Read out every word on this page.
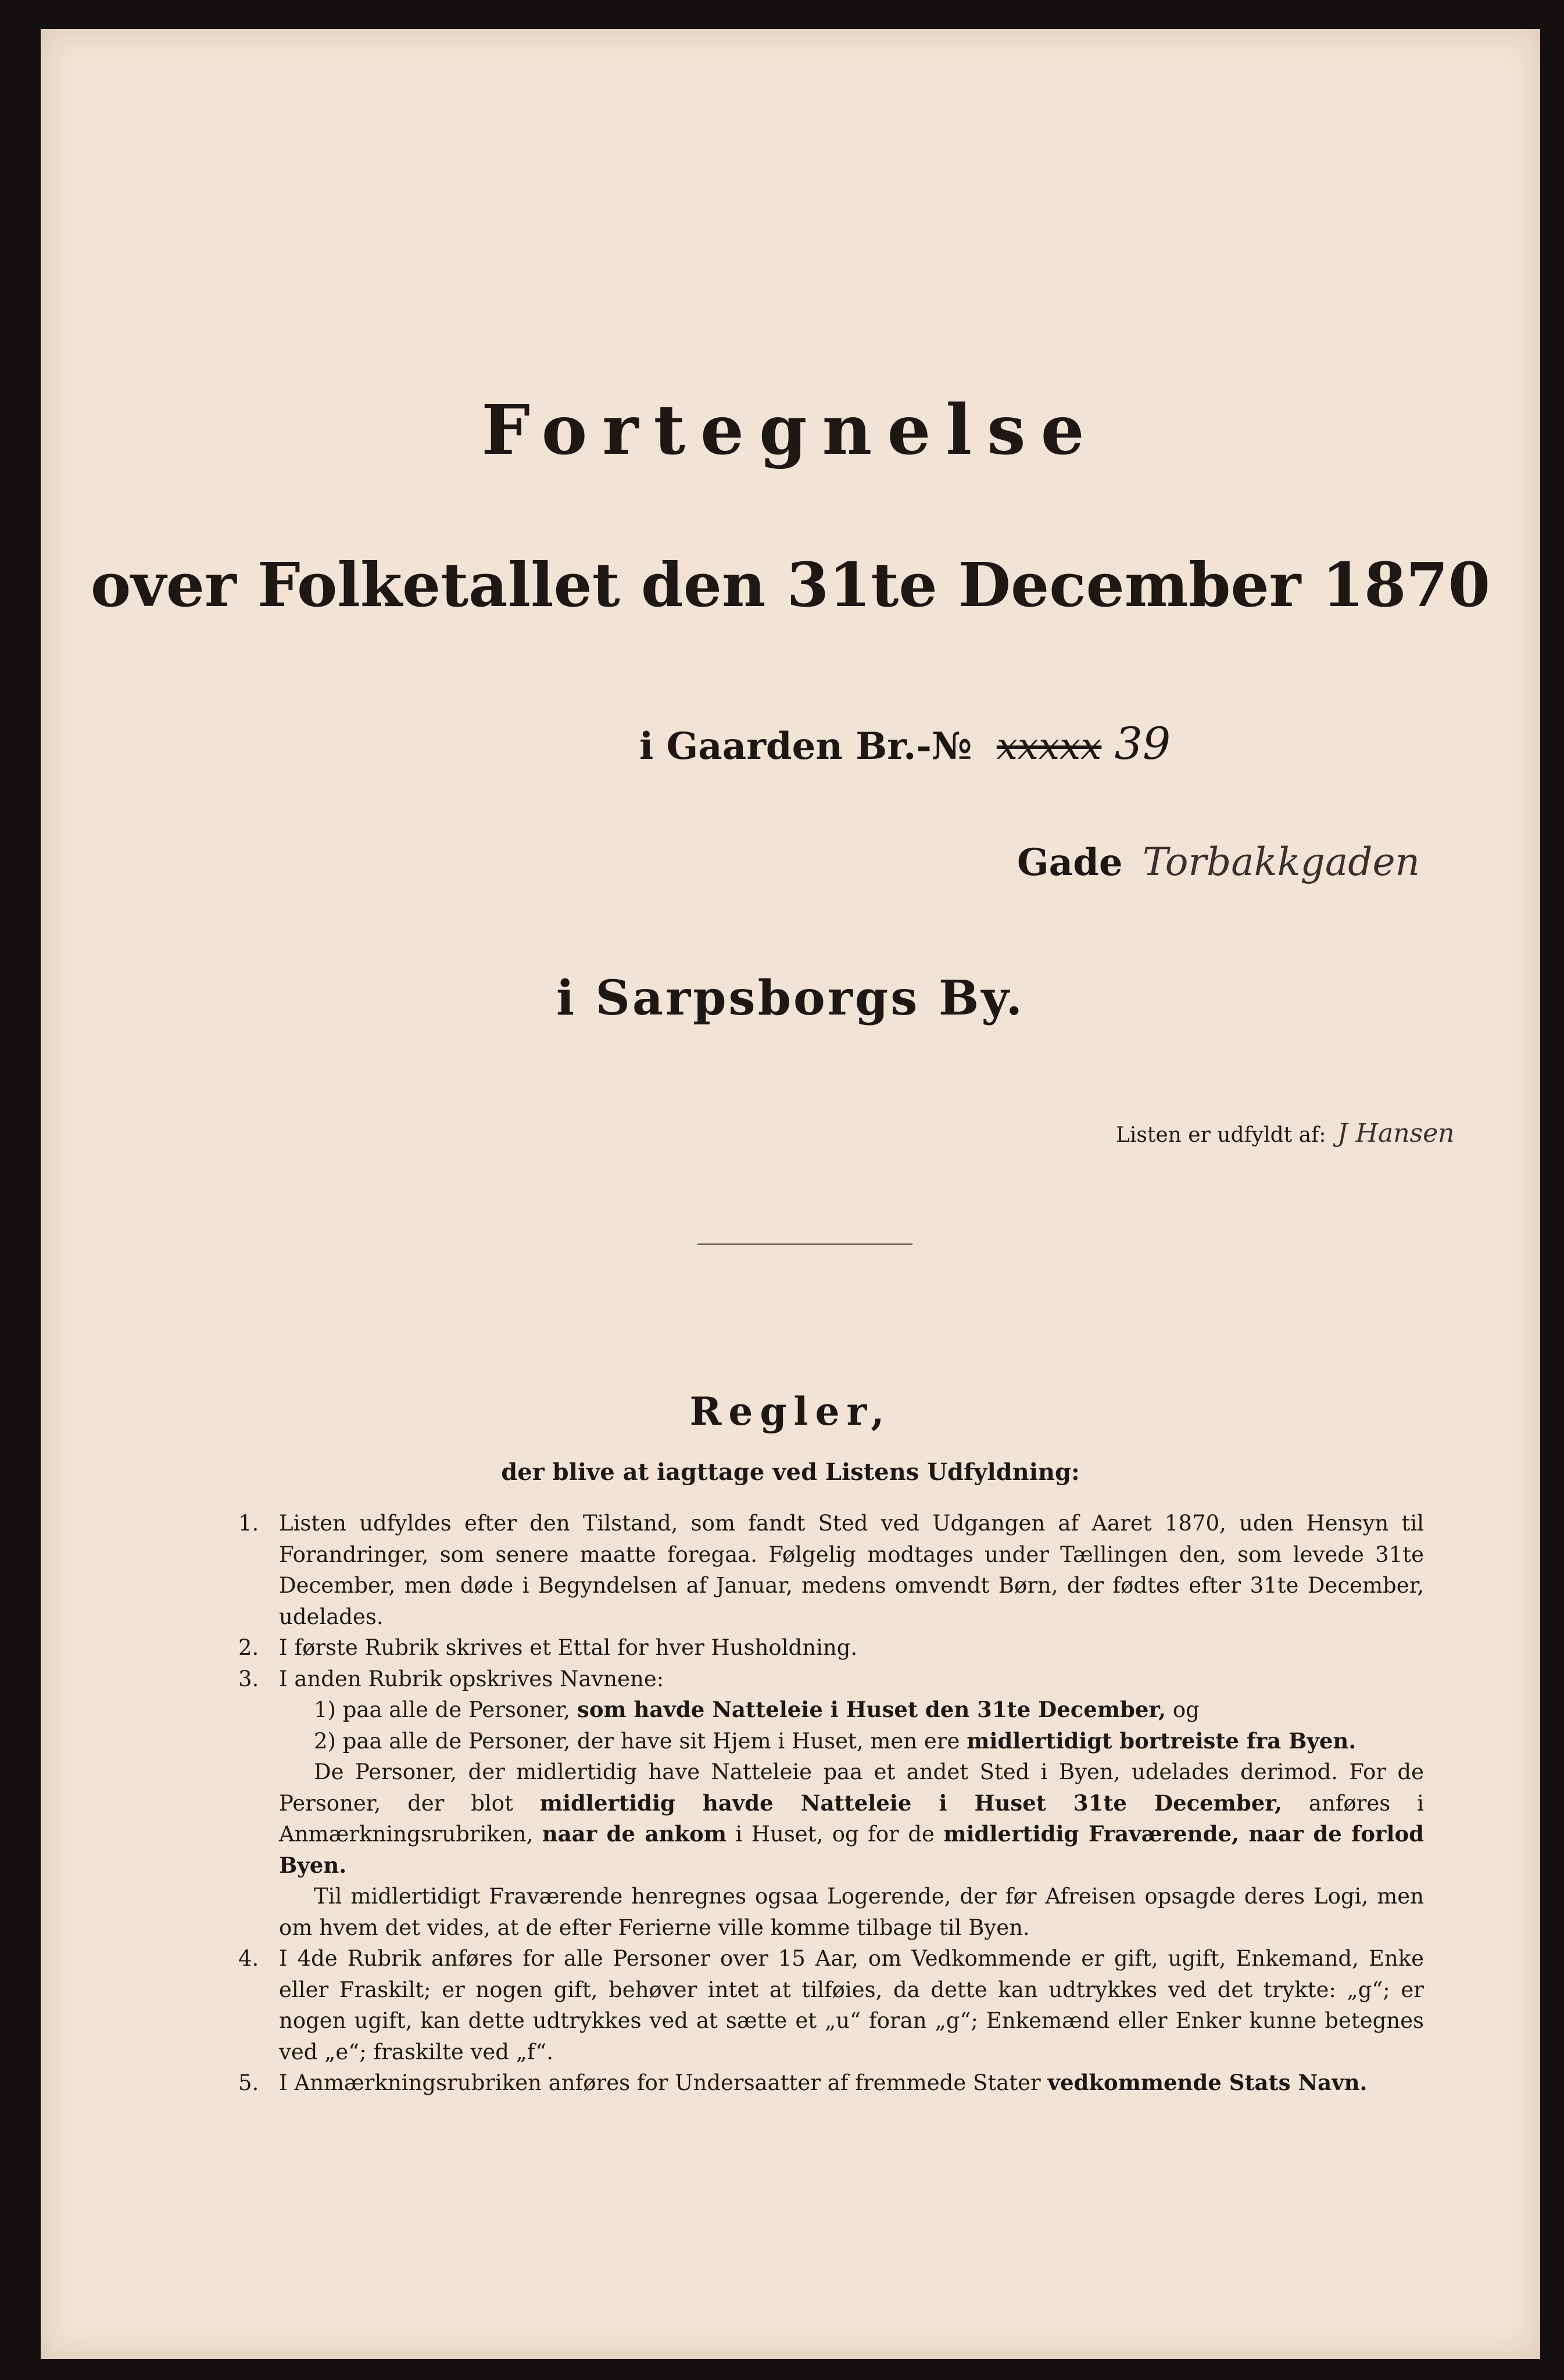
Fortegnelse
over Folketallet den 31te December 1870
i Gaarden Br.-№ xxxxx 39
Gade Torbakkgaden
i Sarpsborgs By.
Listen er udfyldt af: J Hansen
Regler,
der blive at iagttage ved Listens Udfyldning:
1. Listen udfyldes efter den Tilstand, som fandt Sted ved Udgangen af Aaret 1870, uden Hensyn til Forandringer, som senere maatte foregaa. Følgelig modtages under Tællingen den, som levede 31te December, men døde i Begyndelsen af Januar, medens omvendt Børn, der fødtes efter 31te December, udelades.
2. I første Rubrik skrives et Ettal for hver Husholdning.
3. I anden Rubrik opskrives Navnene:
1) paa alle de Personer, som havde Natteleie i Huset den 31te December, og
2) paa alle de Personer, der have sit Hjem i Huset, men ere midlertidigt bortreiste fra Byen.
De Personer, der midlertidig have Natteleie paa et andet Sted i Byen, udelades derimod. For de Personer, der blot midlertidig havde Natteleie i Huset 31te December, anføres i Anmærkningsrubriken, naar de ankom i Huset, og for de midlertidig Fraværende, naar de forlod Byen.
Til midlertidigt Fraværende henregnes ogsaa Logerende, der før Afreisen opsagde deres Logi, men om hvem det vides, at de efter Ferierne ville komme tilbage til Byen.
4. I 4de Rubrik anføres for alle Personer over 15 Aar, om Vedkommende er gift, ugift, Enkemand, Enke eller Fraskilt; er nogen gift, behøver intet at tilføies, da dette kan udtrykkes ved det trykte: „g“; er nogen ugift, kan dette udtrykkes ved at sætte et „u“ foran „g“; Enkemænd eller Enker kunne betegnes ved „e“; fraskilte ved „f“.
5. I Anmærkningsrubriken anføres for Undersaatter af fremmede Stater vedkommende Stats Navn.
